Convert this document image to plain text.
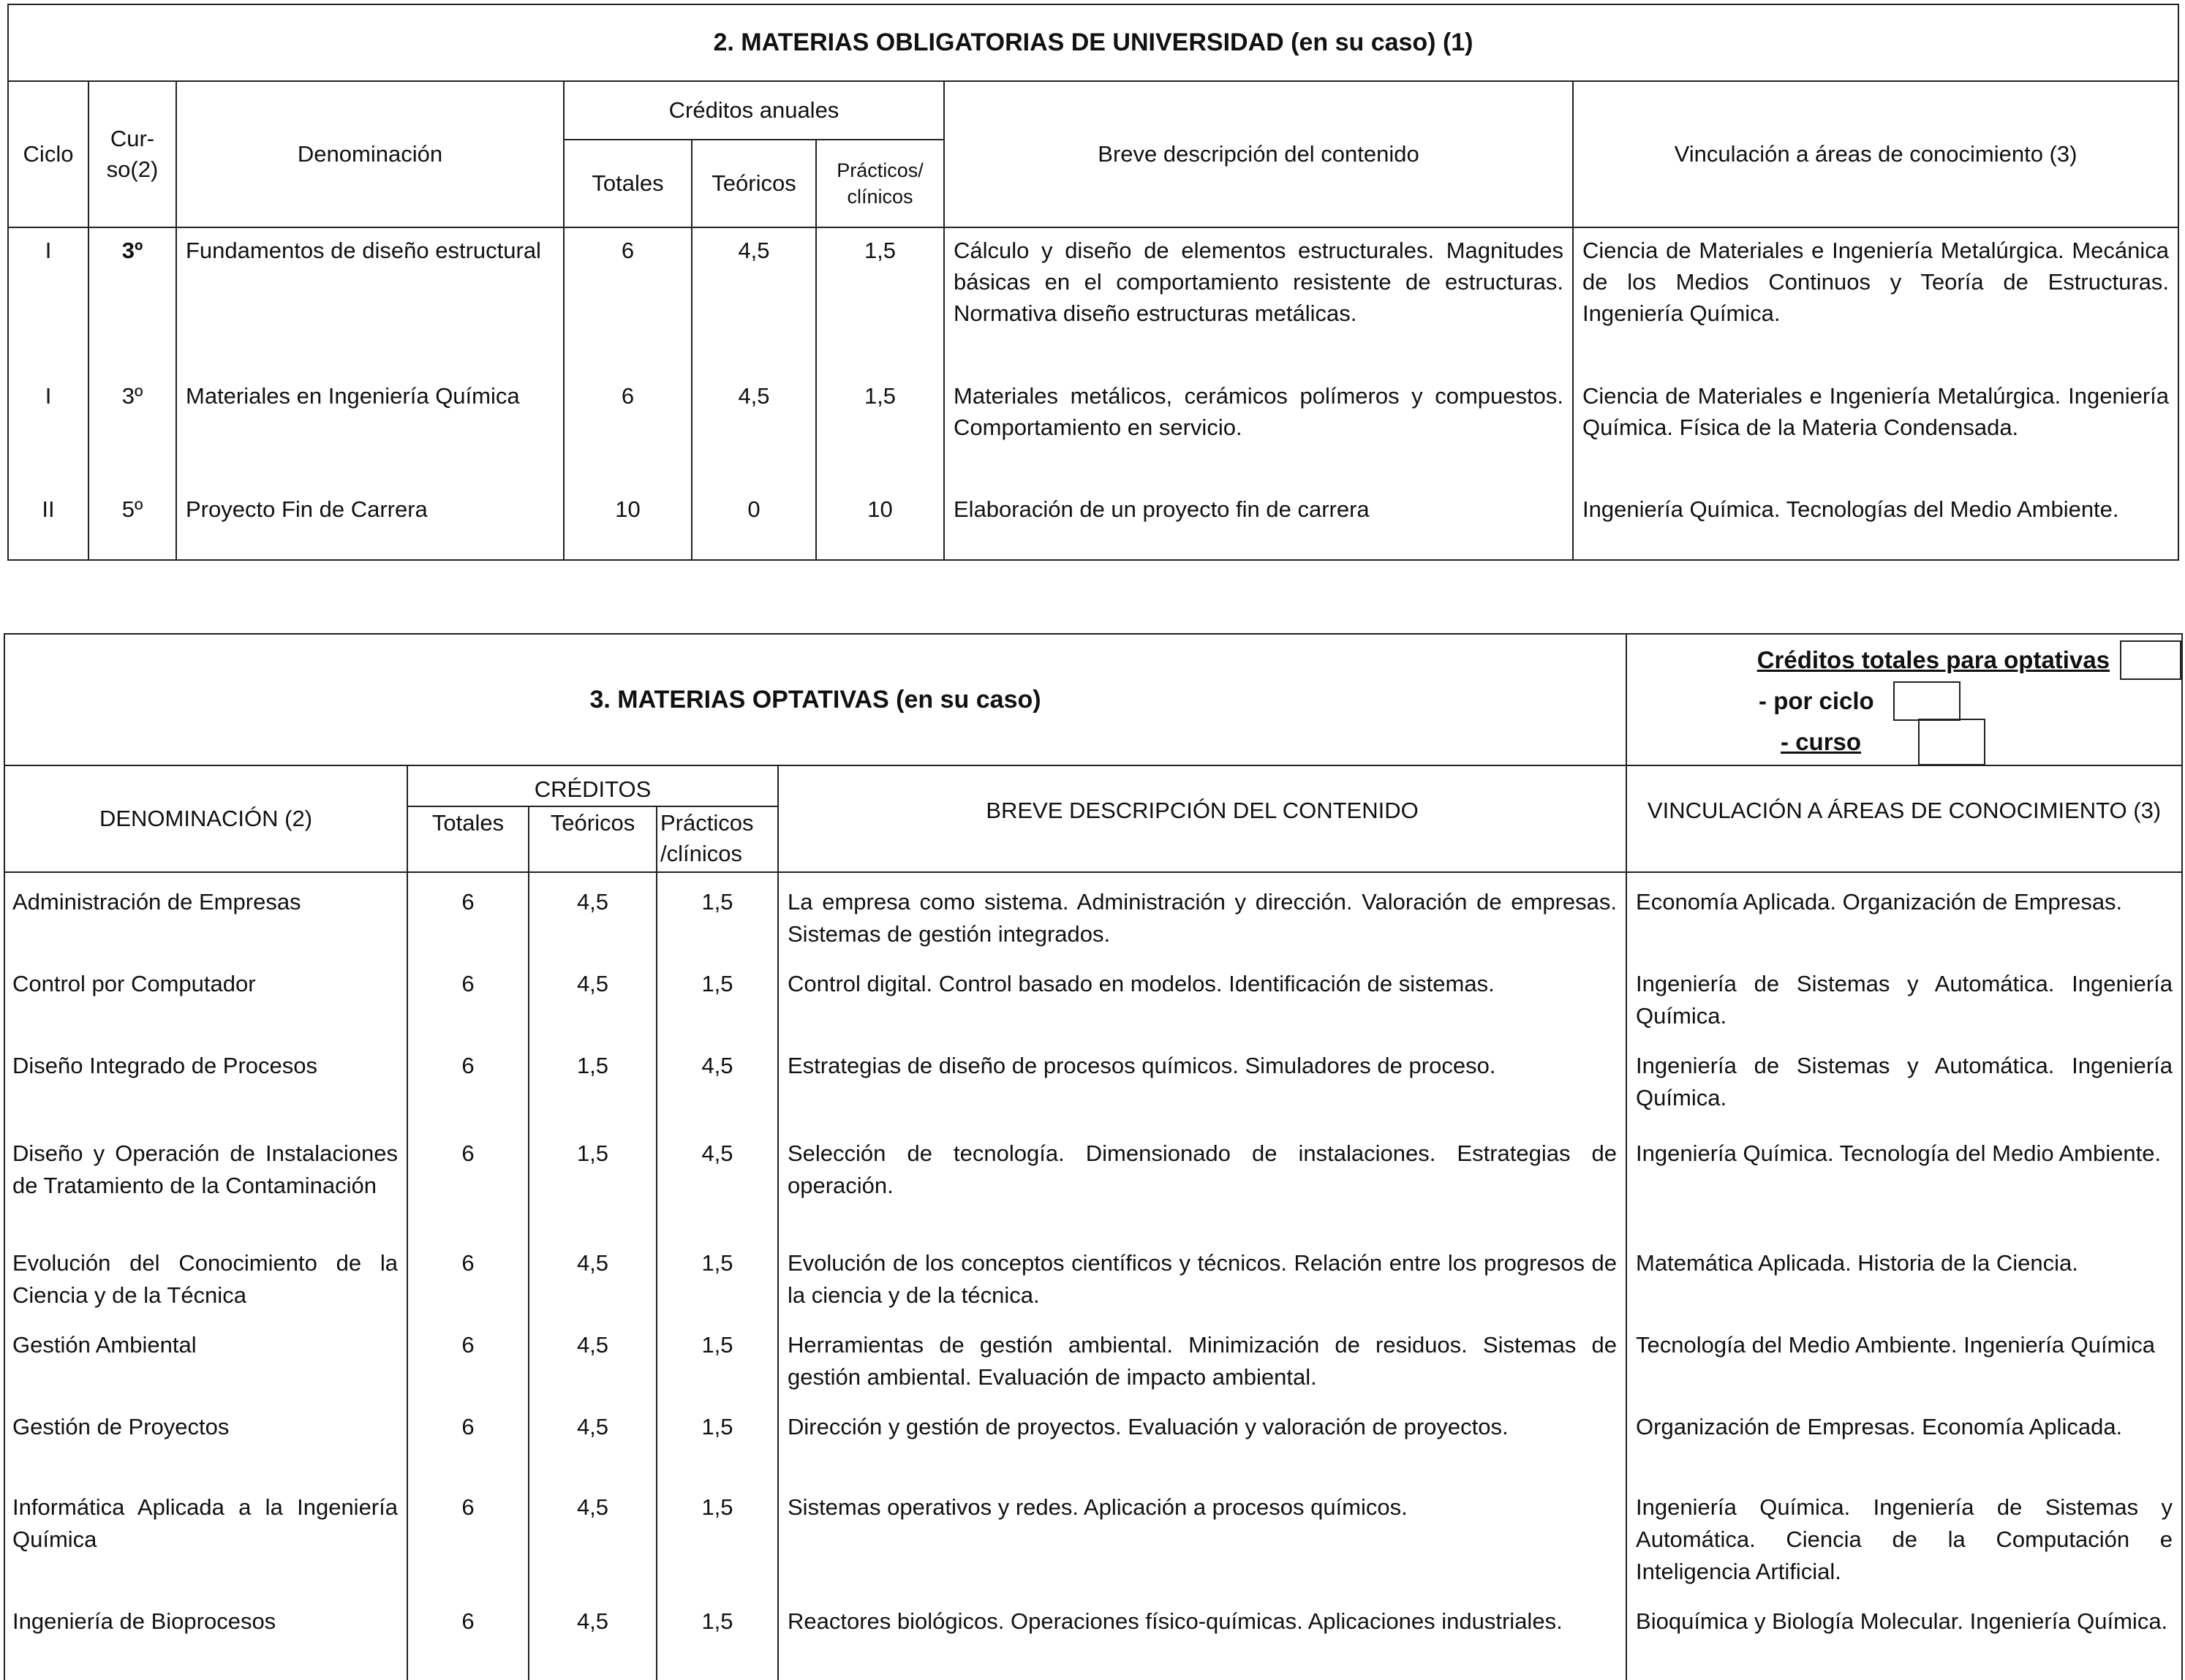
2. MATERIAS OBLIGATORIAS DE UNIVERSIDAD (en su caso) (1)							
Ciclo	Cur-so(2)	Denominación	Créditos anuales			Breve descripción del contenido	Vinculación a áreas de conocimiento (3)
			Totales	Teóricos	Prácticos/ clínicos		
I	3º	Fundamentos de diseño estructural	6	4,5	1,5	Cálculo y diseño de elementos estructurales. Magnitudes básicas en el comportamiento resistente de estructuras. Normativa diseño estructuras metálicas.	Ciencia de Materiales e Ingeniería Metalúrgica. Mecánica de los Medios Continuos y Teoría de Estructuras. Ingeniería Química.
I	3º	Materiales en Ingeniería Química	6	4,5	1,5	Materiales metálicos, cerámicos polímeros y compuestos. Comportamiento en servicio.	Ciencia de Materiales e Ingeniería Metalúrgica. Ingeniería Química. Física de la Materia Condensada.
II	5º	Proyecto Fin de Carrera	10	0	10	Elaboración de un proyecto fin de carrera	Ingeniería Química. Tecnologías del Medio Ambiente.
3. MATERIAS OPTATIVAS (en su caso)					Créditos totales para optativas
- por ciclo
- curso

DENOMINACIÓN (2)	CRÉDITOS			BREVE DESCRIPCIÓN DEL CONTENIDO	VINCULACIÓN A ÁREAS DE CONOCIMIENTO (3)
	Totales	Teóricos	Prácticos /clínicos		
Administración de Empresas	6	4,5	1,5	La empresa como sistema. Administración y dirección. Valoración de empresas. Sistemas de gestión integrados.	Economía Aplicada. Organización de Empresas.
Control por Computador	6	4,5	1,5	Control digital. Control basado en modelos. Identificación de sistemas.	Ingeniería de Sistemas y Automática. Ingeniería Química.
Diseño Integrado de Procesos	6	1,5	4,5	Estrategias de diseño de procesos químicos. Simuladores de proceso.	Ingeniería de Sistemas y Automática. Ingeniería Química.
Diseño y Operación de Instalaciones de Tratamiento de la Contaminación	6	1,5	4,5	Selección de tecnología. Dimensionado de instalaciones. Estrategias de operación.	Ingeniería Química. Tecnología del Medio Ambiente.
Evolución del Conocimiento de la Ciencia y de la Técnica	6	4,5	1,5	Evolución de los conceptos científicos y técnicos. Relación entre los progresos de la ciencia y de la técnica.	Matemática Aplicada. Historia de la Ciencia.
Gestión Ambiental	6	4,5	1,5	Herramientas de gestión ambiental. Minimización de residuos. Sistemas de gestión ambiental. Evaluación de impacto ambiental.	Tecnología del Medio Ambiente. Ingeniería Química
Gestión de Proyectos	6	4,5	1,5	Dirección y gestión de proyectos. Evaluación y valoración de proyectos.	Organización de Empresas. Economía Aplicada.
Informática Aplicada a la Ingeniería Química	6	4,5	1,5	Sistemas operativos y redes. Aplicación a procesos químicos.	Ingeniería Química. Ingeniería de Sistemas y Automática. Ciencia de la Computación e Inteligencia Artificial.
Ingeniería de Bioprocesos	6	4,5	1,5	Reactores biológicos. Operaciones físico-químicas. Aplicaciones industriales.	Bioquímica y Biología Molecular. Ingeniería Química.
